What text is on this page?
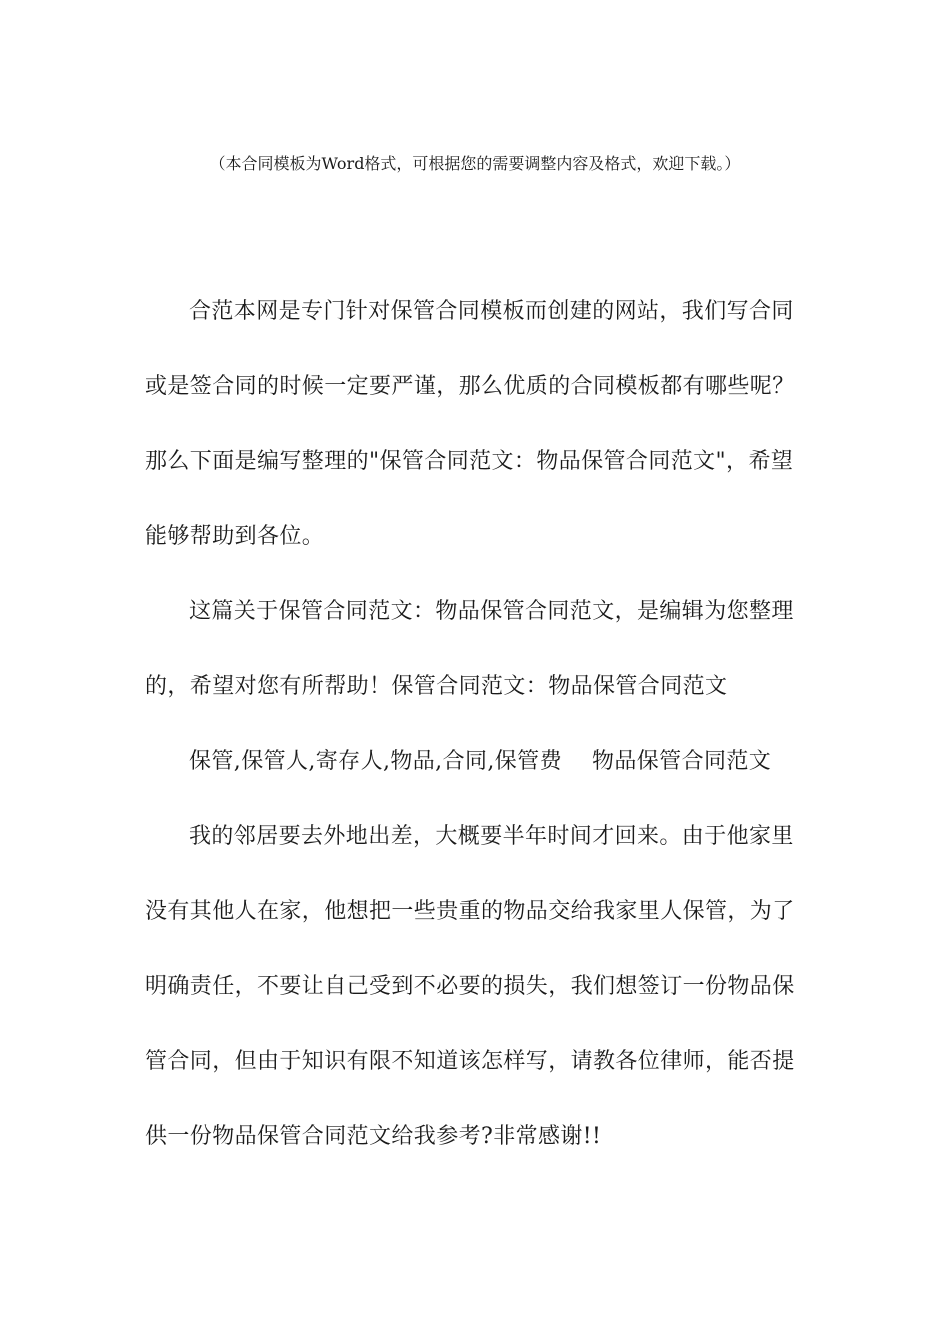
（本合同模板为Word格式，可根据您的需要调整内容及格式，欢迎下载。）
合范本网是专门针对保管合同模板而创建的网站，我们写合同
或是签合同的时候一定要严谨，那么优质的合同模板都有哪些呢？
那么下面是编写整理的"保管合同范文：物品保管合同范文"，希望
能够帮助到各位。
这篇关于保管合同范文：物品保管合同范文，是编辑为您整理
的，希望对您有所帮助！保管合同范文：物品保管合同范文
保管,保管人,寄存人,物品,合同,保管费 物品保管合同范文
我的邻居要去外地出差，大概要半年时间才回来。由于他家里
没有其他人在家，他想把一些贵重的物品交给我家里人保管，为了
明确责任，不要让自己受到不必要的损失，我们想签订一份物品保
管合同，但由于知识有限不知道该怎样写，请教各位律师，能否提
供一份物品保管合同范文给我参考?非常感谢!!
